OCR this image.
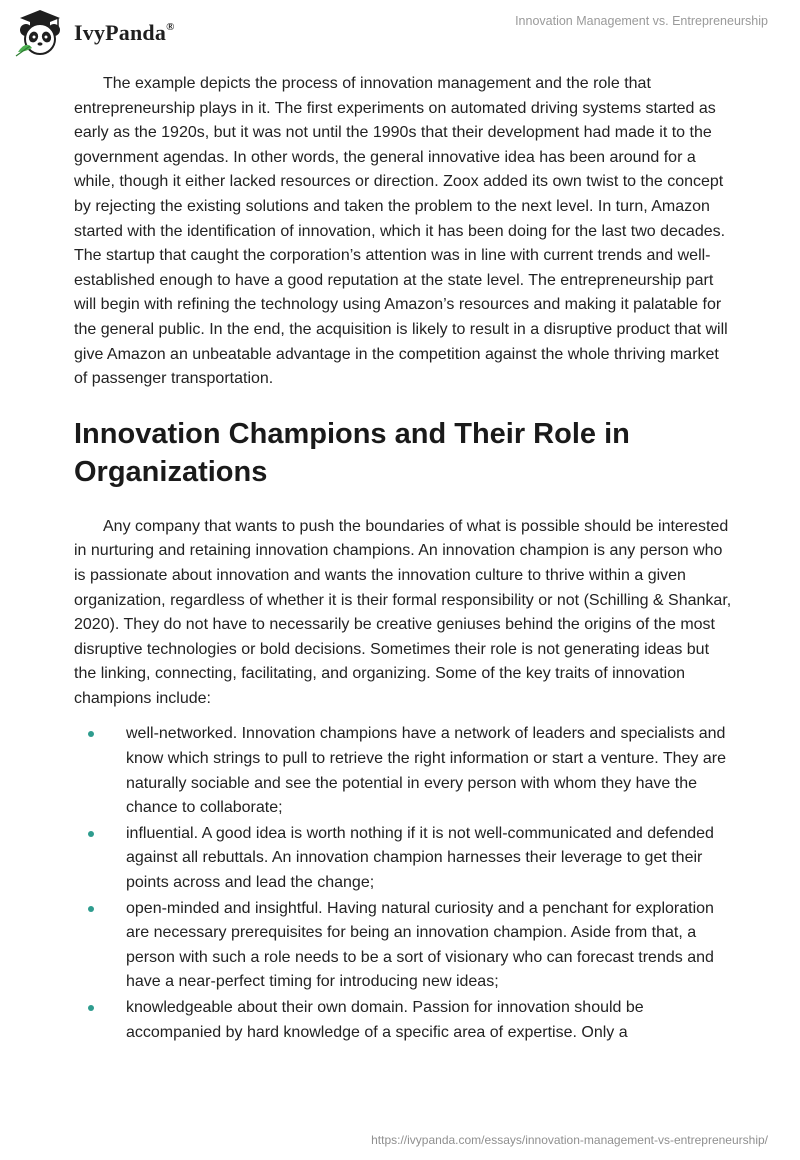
IvyPanda®	Innovation Management vs. Entrepreneurship

The example depicts the process of innovation management and the role that entrepreneurship plays in it. The first experiments on automated driving systems started as early as the 1920s, but it was not until the 1990s that their development had made it to the government agendas. In other words, the general innovative idea has been around for a while, though it either lacked resources or direction. Zoox added its own twist to the concept by rejecting the existing solutions and taken the problem to the next level. In turn, Amazon started with the identification of innovation, which it has been doing for the last two decades. The startup that caught the corporation’s attention was in line with current trends and well-established enough to have a good reputation at the state level. The entrepreneurship part will begin with refining the technology using Amazon’s resources and making it palatable for the general public. In the end, the acquisition is likely to result in a disruptive product that will give Amazon an unbeatable advantage in the competition against the whole thriving market of passenger transportation.

Innovation Champions and Their Role in Organizations

Any company that wants to push the boundaries of what is possible should be interested in nurturing and retaining innovation champions. An innovation champion is any person who is passionate about innovation and wants the innovation culture to thrive within a given organization, regardless of whether it is their formal responsibility or not (Schilling & Shankar, 2020). They do not have to necessarily be creative geniuses behind the origins of the most disruptive technologies or bold decisions. Sometimes their role is not generating ideas but the linking, connecting, facilitating, and organizing. Some of the key traits of innovation champions include:

well-networked. Innovation champions have a network of leaders and specialists and know which strings to pull to retrieve the right information or start a venture. They are naturally sociable and see the potential in every person with whom they have the chance to collaborate;
influential. A good idea is worth nothing if it is not well-communicated and defended against all rebuttals. An innovation champion harnesses their leverage to get their points across and lead the change;
open-minded and insightful. Having natural curiosity and a penchant for exploration are necessary prerequisites for being an innovation champion. Aside from that, a person with such a role needs to be a sort of visionary who can forecast trends and have a near-perfect timing for introducing new ideas;
knowledgeable about their own domain. Passion for innovation should be accompanied by hard knowledge of a specific area of expertise. Only a
https://ivypanda.com/essays/innovation-management-vs-entrepreneurship/
